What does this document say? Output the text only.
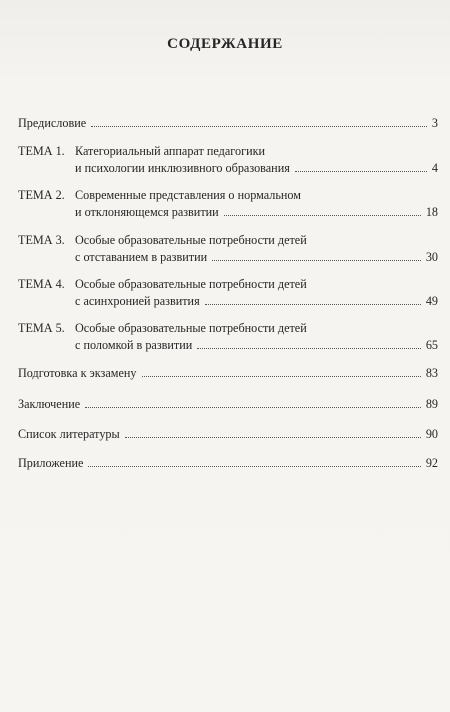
СОДЕРЖАНИЕ
Предисловие	3
ТЕМА 1. Категориальный аппарат педагогики
и психологии инклюзивного образования	4
ТЕМА 2. Современные представления о нормальном
и отклоняющемся развитии	18
ТЕМА 3. Особые образовательные потребности детей
с отставанием в развитии	30
ТЕМА 4. Особые образовательные потребности детей
с асинхронией развития	49
ТЕМА 5. Особые образовательные потребности детей
с поломкой в развитии	65
Подготовка к экзамену	83
Заключение	89
Список литературы	90
Приложение	92
